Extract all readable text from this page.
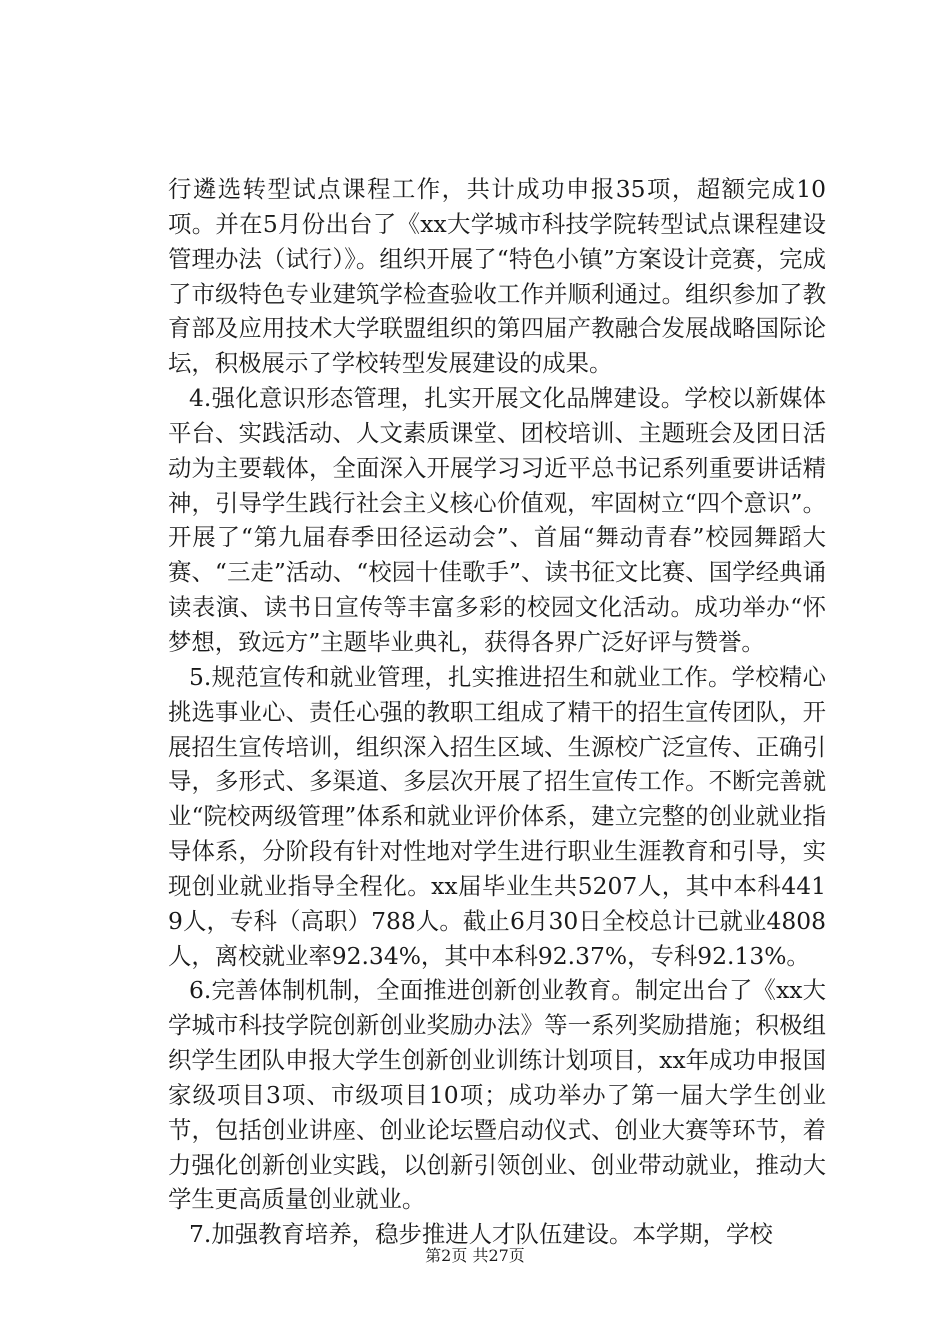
行遴选转型试点课程工作，共计成功申报35项，超额完成10项。并在5月份出台了《xx大学城市科技学院转型试点课程建设管理办法（试行）》。组织开展了“特色小镇”方案设计竞赛，完成了市级特色专业建筑学检查验收工作并顺利通过。组织参加了教育部及应用技术大学联盟组织的第四届产教融合发展战略国际论坛，积极展示了学校转型发展建设的成果。

4.强化意识形态管理，扎实开展文化品牌建设。学校以新媒体平台、实践活动、人文素质课堂、团校培训、主题班会及团日活动为主要载体，全面深入开展学习习近平总书记系列重要讲话精神，引导学生践行社会主义核心价值观，牢固树立“四个意识”。开展了“第九届春季田径运动会”、首届“舞动青春”校园舞蹈大赛、“三走”活动、“校园十佳歌手”、读书征文比赛、国学经典诵读表演、读书日宣传等丰富多彩的校园文化活动。成功举办“怀梦想，致远方”主题毕业典礼，获得各界广泛好评与赞誉。

5.规范宣传和就业管理，扎实推进招生和就业工作。学校精心挑选事业心、责任心强的教职工组成了精干的招生宣传团队，开展招生宣传培训，组织深入招生区域、生源校广泛宣传、正确引导，多形式、多渠道、多层次开展了招生宣传工作。不断完善就业“院校两级管理”体系和就业评价体系，建立完整的创业就业指导体系，分阶段有针对性地对学生进行职业生涯教育和引导，实现创业就业指导全程化。xx届毕业生共5207人，其中本科4419人，专科（高职）788人。截止6月30日全校总计已就业4808人，离校就业率92.34%，其中本科92.37%，专科92.13%。

6.完善体制机制，全面推进创新创业教育。制定出台了《xx大学城市科技学院创新创业奖励办法》等一系列奖励措施；积极组织学生团队申报大学生创新创业训练计划项目，xx年成功申报国家级项目3项、市级项目10项；成功举办了第一届大学生创业节，包括创业讲座、创业论坛暨启动仪式、创业大赛等环节，着力强化创新创业实践，以创新引领创业、创业带动就业，推动大学生更高质量创业就业。

7.加强教育培养，稳步推进人才队伍建设。本学期，学校

第2页 共27页
